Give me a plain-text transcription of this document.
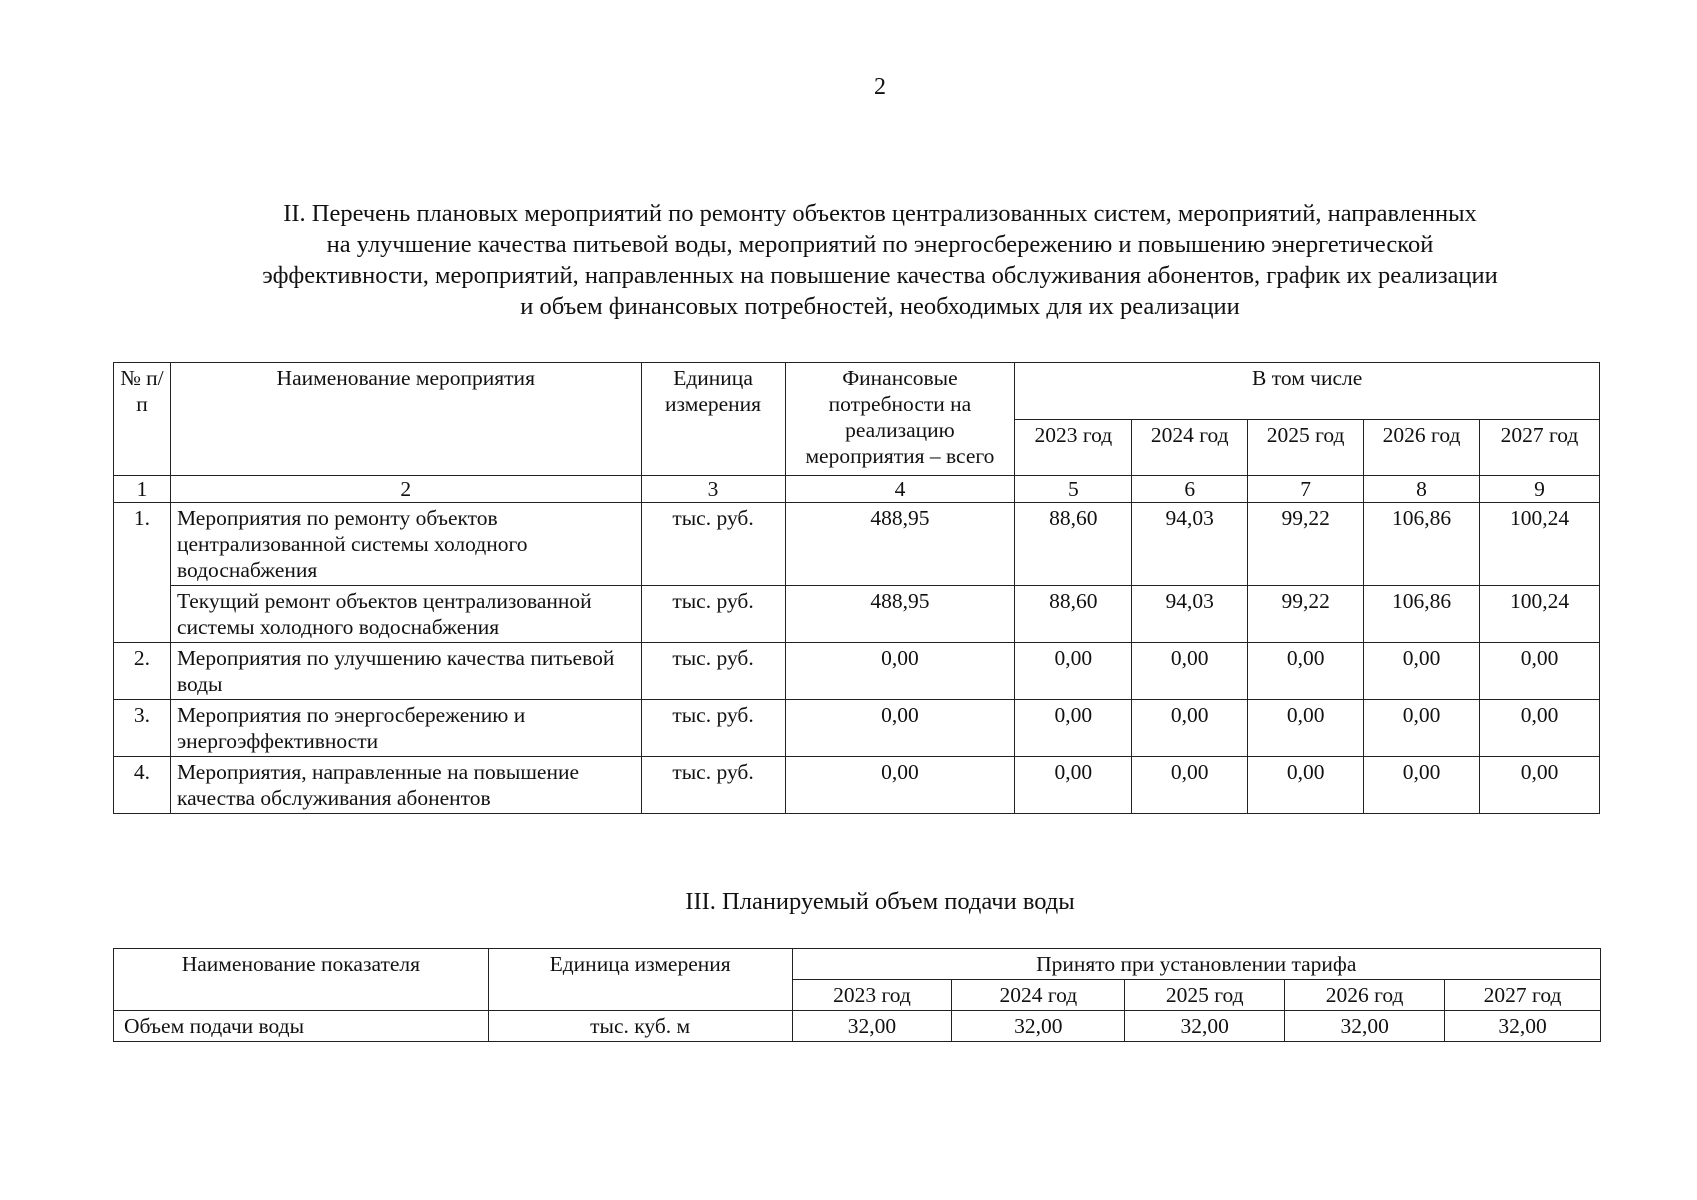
2
II. Перечень плановых мероприятий по ремонту объектов централизованных систем, мероприятий, направленных
на улучшение качества питьевой воды, мероприятий по энергосбережению и повышению энергетической
эффективности, мероприятий, направленных на повышение качества обслуживания абонентов, график их реализации
и объем финансовых потребностей, необходимых для их реализации
№ п/п	Наименование мероприятия	Единица измерения	Финансовые потребности на реализацию мероприятия – всего	В том числе				
				2023 год	2024 год	2025 год	2026 год	2027 год
1	2	3	4	5	6	7	8	9
1.	Мероприятия по ремонту объектов централизованной системы холодного водоснабжения	тыс. руб.	488,95	88,60	94,03	99,22	106,86	100,24
	Текущий ремонт объектов централизованной системы холодного водоснабжения	тыс. руб.	488,95	88,60	94,03	99,22	106,86	100,24
2.	Мероприятия по улучшению качества питьевой воды	тыс. руб.	0,00	0,00	0,00	0,00	0,00	0,00
3.	Мероприятия по энергосбережению и энергоэффективности	тыс. руб.	0,00	0,00	0,00	0,00	0,00	0,00
4.	Мероприятия, направленные на повышение качества обслуживания абонентов	тыс. руб.	0,00	0,00	0,00	0,00	0,00	0,00
III. Планируемый объем подачи воды
Наименование показателя	Единица измерения	Принято при установлении тарифа				
		2023 год	2024 год	2025 год	2026 год	2027 год
Объем подачи воды	тыс. куб. м	32,00	32,00	32,00	32,00	32,00
